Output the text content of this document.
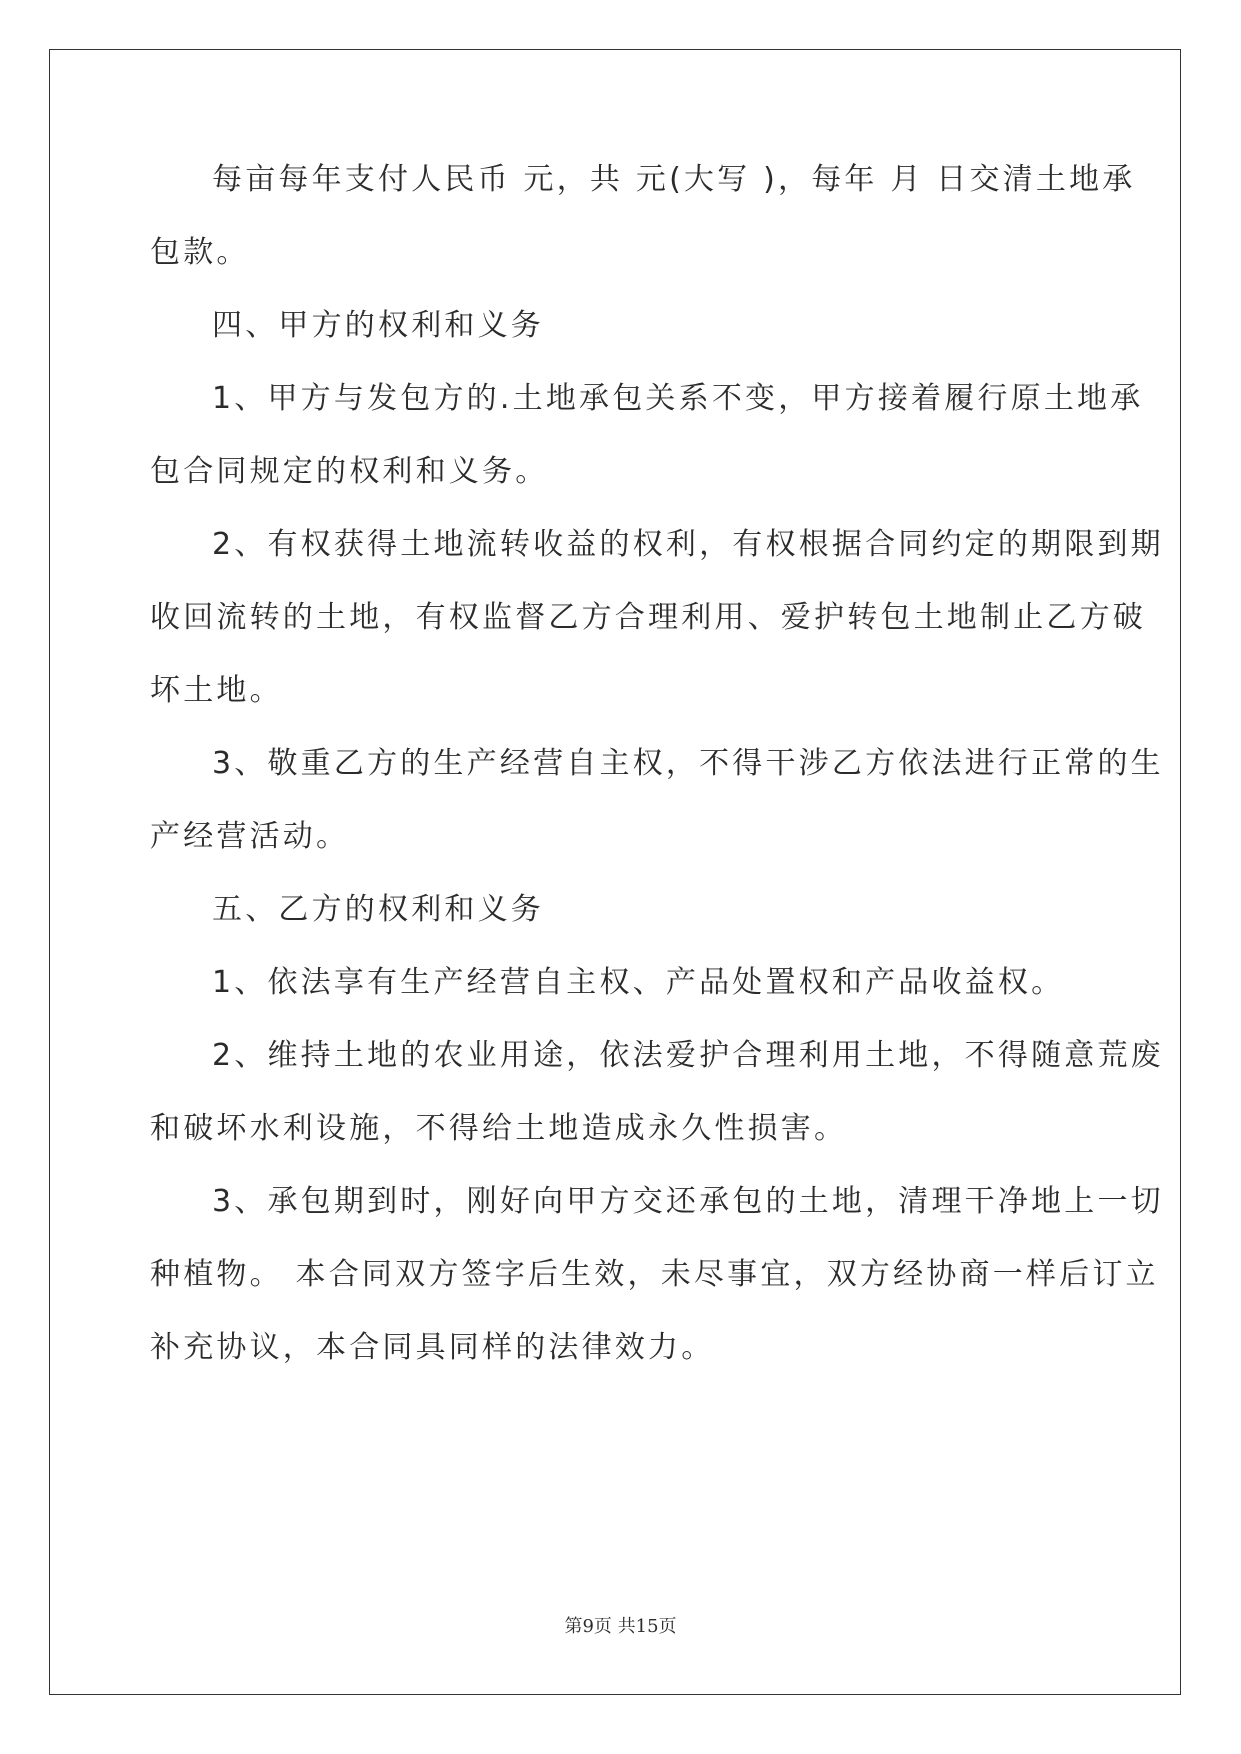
每亩每年支付人民币 元，共 元(大写 )，每年 月 日交清土地承
包款。
四、甲方的权利和义务
1、甲方与发包方的.土地承包关系不变，甲方接着履行原土地承
包合同规定的权利和义务。
2、有权获得土地流转收益的权利，有权根据合同约定的期限到期
收回流转的土地，有权监督乙方合理利用、爱护转包土地制止乙方破
坏土地。
3、敬重乙方的生产经营自主权，不得干涉乙方依法进行正常的生
产经营活动。
五、乙方的权利和义务
1、依法享有生产经营自主权、产品处置权和产品收益权。
2、维持土地的农业用途，依法爱护合理利用土地，不得随意荒废
和破坏水利设施，不得给土地造成永久性损害。
3、承包期到时，刚好向甲方交还承包的土地，清理干净地上一切
种植物。 本合同双方签字后生效，未尽事宜，双方经协商一样后订立
补充协议，本合同具同样的法律效力。
第9页 共15页
